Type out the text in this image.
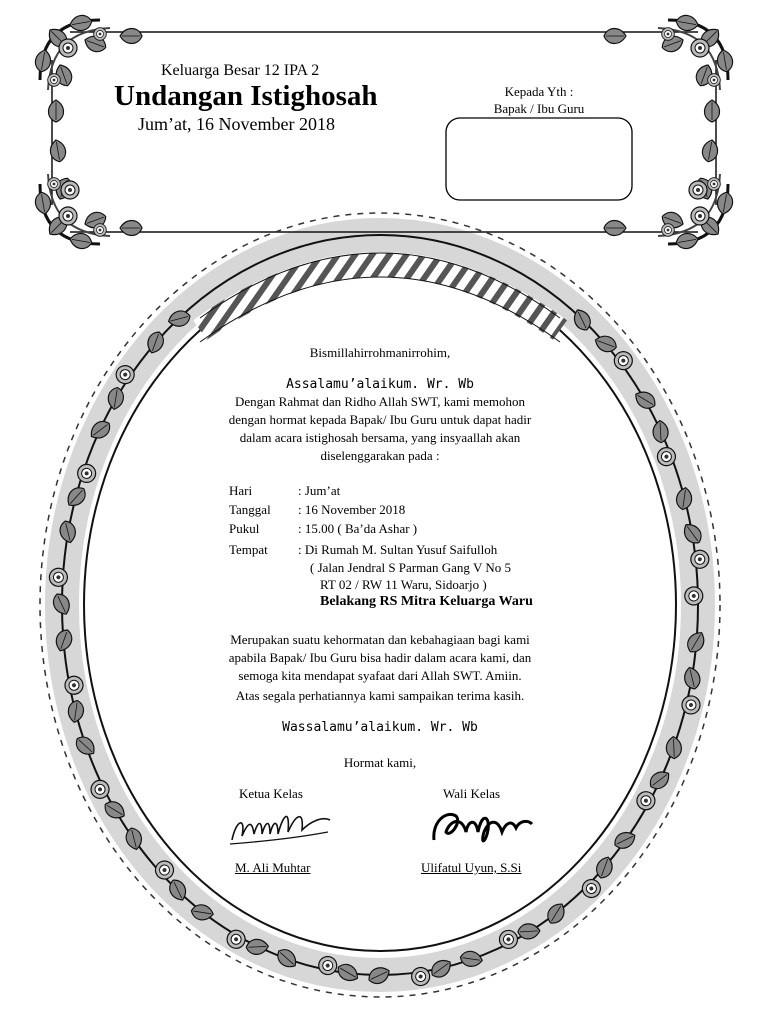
Keluarga Besar 12 IPA 2
Undangan Istighosah
Jum’at, 16 November 2018
Kepada Yth :
Bapak / Ibu Guru
Bismillahirrohmanirrohim,
Assalamu’alaikum. Wr. Wb
Dengan Rahmat dan Ridho Allah SWT, kami memohon
dengan hormat kepada Bapak/ Ibu Guru untuk dapat hadir
dalam acara istighosah bersama, yang insyaallah akan
diselenggarakan pada :
Hari	: Jum’at
Tanggal : 16 November 2018
Pukul	: 15.00 ( Ba’da Ashar )
Tempat : Di Rumah M. Sultan Yusuf Saifulloh
( Jalan Jendral S Parman Gang V No 5
RT 02 / RW 11 Waru, Sidoarjo )
Belakang RS Mitra Keluarga Waru
Merupakan suatu kehormatan dan kebahagiaan bagi kami
apabila Bapak/ Ibu Guru bisa hadir dalam acara kami, dan
semoga kita mendapat syafaat dari Allah SWT. Amiin.
Atas segala perhatiannya kami sampaikan terima kasih.
Wassalamu’alaikum. Wr. Wb
Hormat kami,
Ketua Kelas	Wali Kelas
M. Ali Muhtar	Ulifatul Uyun, S.Si
